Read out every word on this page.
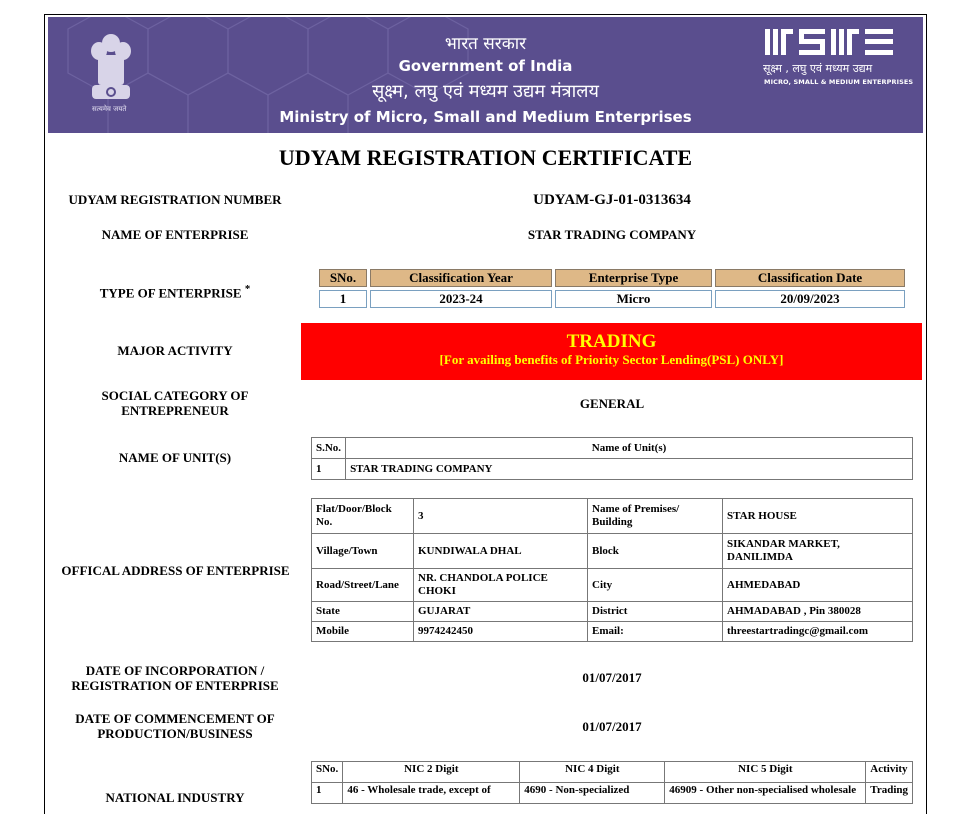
सत्यमेव जयते
भारत सरकार
Government of India
सूक्ष्म, लघु एवं मध्यम उद्यम मंत्रालय
Ministry of Micro, Small and Medium Enterprises
सूक्ष्म , लघु एवं मध्यम उद्यम
MICRO, SMALL & MEDIUM ENTERPRISES
UDYAM REGISTRATION CERTIFICATE
UDYAM REGISTRATION NUMBER	UDYAM-GJ-01-0313634
NAME OF ENTERPRISE	STAR TRADING COMPANY
TYPE OF ENTERPRISE *
SNo.	Classification Year	Enterprise Type	Classification Date
1	2023-24	Micro	20/09/2023
MAJOR ACTIVITY	TRADING
[For availing benefits of Priority Sector Lending(PSL) ONLY]
SOCIAL CATEGORY OF
ENTREPRENEUR	GENERAL
NAME OF UNIT(S)
S.No.	Name of Unit(s)
1	STAR TRADING COMPANY
OFFICAL ADDRESS OF ENTERPRISE
Flat/Door/Block No.	3	Name of Premises/ Building	STAR HOUSE
Village/Town	KUNDIWALA DHAL	Block	SIKANDAR MARKET, DANILIMDA
Road/Street/Lane	NR. CHANDOLA POLICE CHOKI	City	AHMEDABAD
State	GUJARAT	District	AHMADABAD , Pin 380028
Mobile	9974242450	Email:	threestartradingc@gmail.com
DATE OF INCORPORATION /
REGISTRATION OF ENTERPRISE
01/07/2017
DATE OF COMMENCEMENT OF
PRODUCTION/BUSINESS	01/07/2017
NATIONAL INDUSTRY
SNo.	NIC 2 Digit	NIC 4 Digit	NIC 5 Digit	Activity
1	46 - Wholesale trade, except of	4690 - Non-specialized	46909 - Other non-specialised wholesale	Trading
